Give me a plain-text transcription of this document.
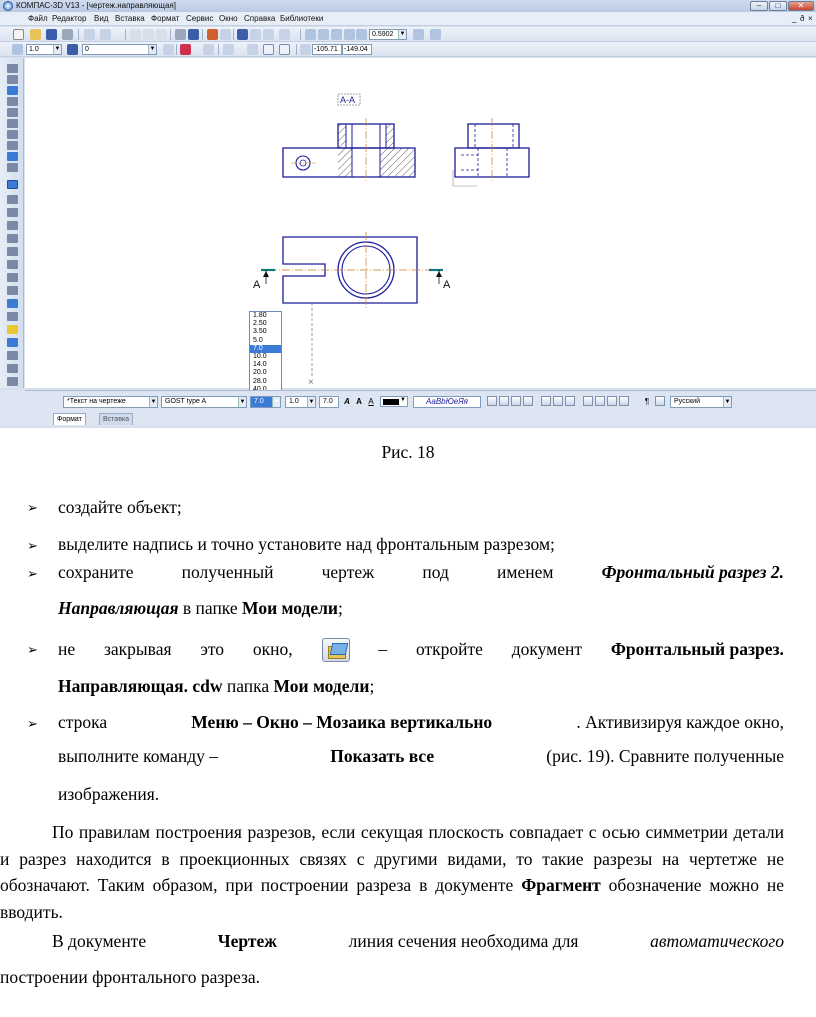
КОМПАС-3D V13 - [чертеж.направляющая]	–	□	✕
Файл Редактор Вид Вставка Формат Сервис Окно Справка Библиотеки	_ ð ×
0.5902 ▼
1.0	▼	0	▼	-105.71 -149.04
А-А
×
А	А
1.80
2.50
3.50
5.0
7.0
10.0
14.0
20.0
28.0
*Текст на чертеже	▼	GOST type A	▼	7.0 ▼	1.0 ▼	7.0	A A A	▼	АаВbЮeЯя	¶	Русский	▼
Формат	Вставка
Рис. 18
➢ создайте объект;
➢ выделите надпись и точно установите над фронтальным разрезом;
➢ сохраните	полученный	чертеж	под	именем	Фронтальный разрез 2.
Направляющая в папке Мои модели;
➢ не закрывая это окно,	– откройте документ Фронтальный разрез.
Направляющая. cdw папка Мои модели;
➢ строка	Меню – Окно – Мозаика вертикально	. Активизируя каждое окно,
выполните команду –	Показать все	(рис. 19). Сравните полученные
изображения.
По правилам построения разрезов, если секущая плоскость совпадает с осью симметрии детали и разрез находится в проекционных связях с другими видами, то такие разрезы на чертетже не обозначают. Таким образом, при построении разреза в документе Фрагмент обозначение можно не вводить.
В документе	Чертеж	линия сечения необходима для	автоматического
построении фронтального разреза.
